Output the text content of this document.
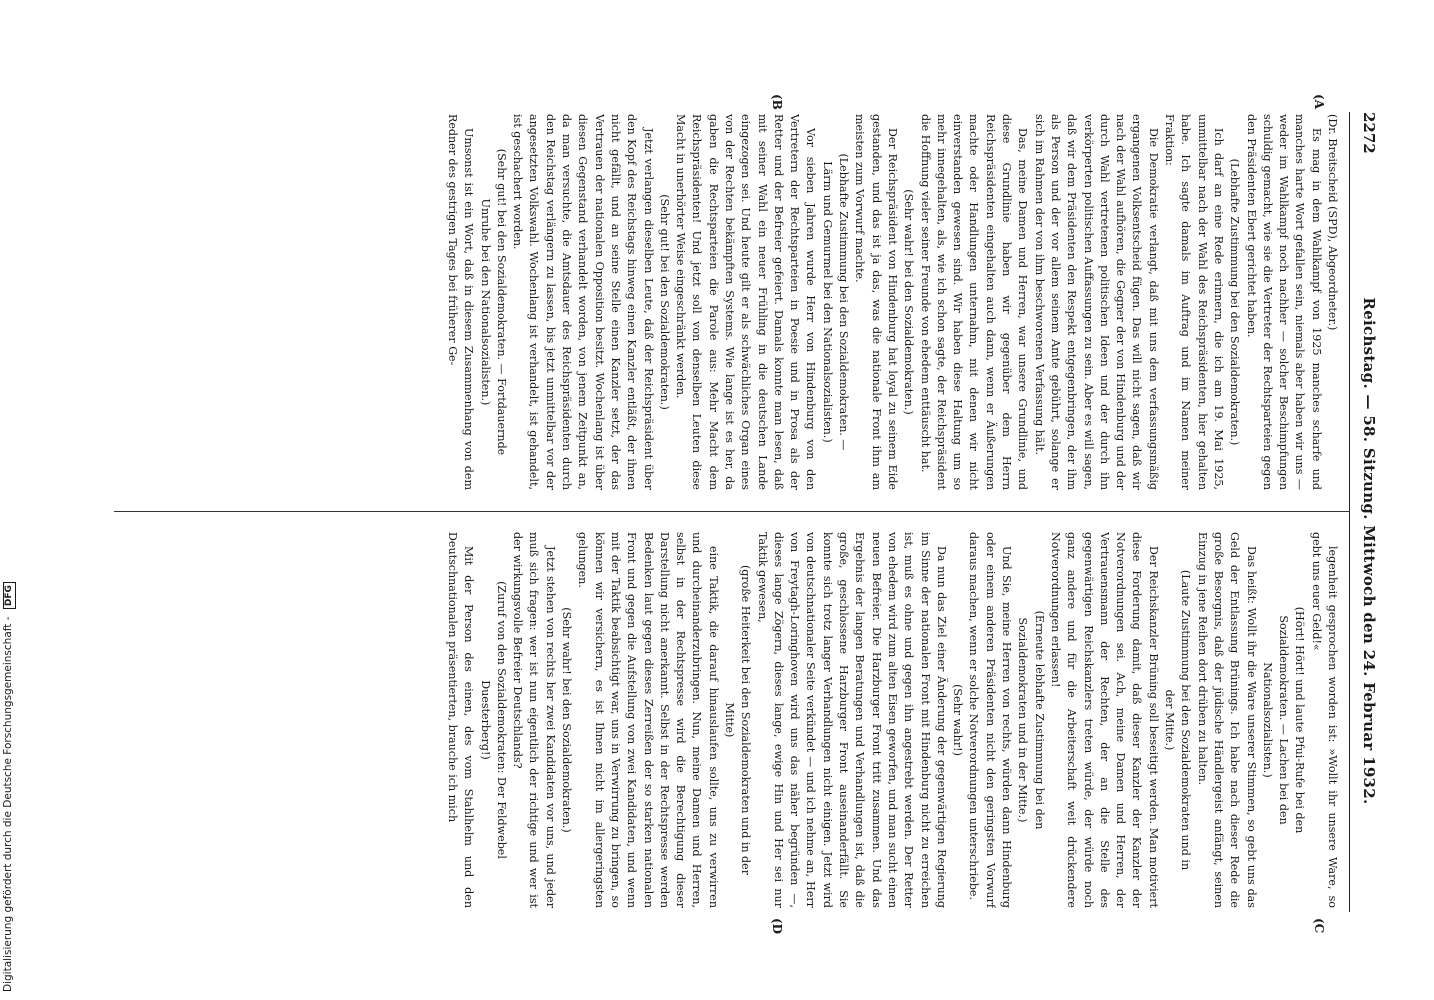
2272
Reichstag. — 58. Sitzung. Mittwoch den 24. Februar 1932.
(A
(B
(C
(D

(Dr. Breitscheid (SPD), Abgeordneter.)

Es mag in dem Wahlkampf von 1925 manches scharfe und manches harte Wort gefallen sein, niemals aber haben wir uns — weder im Wahlkampf noch nachher — solcher Beschimpfungen schuldig gemacht, wie sie die Vertreter der Rechtsparteien gegen den Präsidenten Ebert gerichtet haben.

(Lebhafte Zustimmung bei den Sozialdemokraten.)

Ich darf an eine Rede erinnern, die ich am 19. Mai 1925, unmittelbar nach der Wahl des Reichspräsidenten, hier gehalten habe. Ich sagte damals im Auftrag und im Namen meiner Fraktion:

Die Demokratie verlangt, daß mit uns dem verfassungsmäßig ergangenen Volksentscheid fügen. Das will nicht sagen, daß wir nach der Wahl aufhören, die Gegner der von Hindenburg und der durch Wahl vertretenen politischen Ideen und der durch ihn verkörperten politischen Auffassungen zu sein. Aber es will sagen, daß wir dem Präsidenten den Respekt entgegenbringen, der ihm als Person und der vor allem seinem Amte gebührt, solange er sich im Rahmen der von ihm beschworenen Verfassung hält.

Das, meine Damen und Herren, war unsere Grundlinie, und diese Grundlinie haben wir gegenüber dem Herrn Reichspräsidenten eingehalten auch dann, wenn er Äußerungen machte oder Handlungen unternahm, mit denen wir nicht einverstanden gewesen sind. Wir haben diese Haltung um so mehr innegehalten, als, wie ich schon sagte, der Reichspräsident die Hoffnung vieler seiner Freunde von ehedem enttäuscht hat.

(Sehr wahr! bei den Sozialdemokraten.)

Der Reichspräsident von Hindenburg hat loyal zu seinem Eide gestanden, und das ist ja das, was die nationale Front ihm am meisten zum Vorwurf machte.

(Lebhafte Zustimmung bei den Sozialdemokraten. — Lärm und Gemurmel bei den Nationalsozialisten.)

Vor sieben Jahren wurde Herr von Hindenburg von den Vertretern der Rechtsparteien in Poesie und in Prosa als der Retter und der Befreier gefeiert. Damals konnte man lesen, daß mit seiner Wahl ein neuer Frühling in die deutschen Lande eingezogen sei. Und heute gilt er als schwächliches Organ eines von der Rechten bekämpften Systems. Wie lange ist es her, da gaben die Rechtsparteien die Parole aus: Mehr Macht dem Reichspräsidenten! Und jetzt soll von denselben Leuten diese Macht in unerhörter Weise eingeschränkt werden.

(Sehr gut! bei den Sozialdemokraten.)

Jetzt verlangen dieselben Leute, daß der Reichspräsident über den Kopf des Reichstags hinweg einen Kanzler entläßt, der ihnen nicht gefällt, und an seine Stelle einen Kanzler setzt, der das Vertrauen der nationalen Opposition besitzt. Wochenlang ist über diesen Gegenstand verhandelt worden, von jenem Zeitpunkt an, da man versuchte, die Amtsdauer des Reichspräsidenten durch den Reichstag verlängern zu lassen, bis jetzt unmittelbar vor der angesetzten Volkswahl. Wochenlang ist verhandelt, ist gehandelt, ist geschachert worden.

(Sehr gut! bei den Sozialdemokraten. — Fortdauernde Unruhe bei den Nationalsozialisten.)

Umsonst ist ein Wort, daß in diesem Zusammenhang von dem Redner des gestrigen Tages bei früherer Ge-

legenheit gesprochen worden ist: »Wollt ihr unsere Ware, so gebt uns euer Geld!«

(Hört! Hört! und laute Pfui-Rufe bei den Sozialdemokraten. — Lachen bei den Nationalsozialisten.)

Das heißt: Wollt ihr die Ware unserer Stimmen, so gebt uns das Geld der Entlassung Brünings. Ich habe nach dieser Rede die große Besorgnis, daß der jüdische Händlergeist anfängt, seinen Einzug in jene Reihen dort drüben zu halten.

(Laute Zustimmung bei den Sozialdemokraten und in der Mitte.)

Der Reichskanzler Brüning soll beseitigt werden. Man motiviert diese Forderung damit, daß dieser Kanzler der Kanzler der Notverordnungen sei. Ach, meine Damen und Herren, der Vertrauensmann der Rechten, der an die Stelle des gegenwärtigen Reichskanzlers treten würde, der würde noch ganz andere und für die Arbeiterschaft weit drückendere Notverordnungen erlassen!

(Erneute lebhafte Zustimmung bei den Sozialdemokraten und in der Mitte.)

Und Sie, meine Herren von rechts, würden dann Hindenburg oder einem anderen Präsidenten nicht den geringsten Vorwurf daraus machen, wenn er solche Notverordnungen unterschriebe.

(Sehr wahr!)

Da nun das Ziel einer Änderung der gegenwärtigen Regierung im Sinne der nationalen Front mit Hindenburg nicht zu erreichen ist, muß es ohne und gegen ihn angestrebt werden. Der Retter von ehedem wird zum alten Eisen geworfen, und man sucht einen neuen Befreier. Die Harzburger Front tritt zusammen. Und das Ergebnis der langen Beratungen und Verhandlungen ist, daß die große, geschlossene Harzburger Front auseinanderfällt. Sie konnte sich trotz langer Verhandlungen nicht einigen. Jetzt wird von deutschnationaler Seite verkündet — und ich nehme an, Herr von Freytagh-Loringhoven wird uns das näher begründen —, dieses lange Zögern, dieses lange, ewige Hin und Her sei nur Taktik gewesen,

(große Heiterkeit bei den Sozialdemokraten und in der Mitte)

eine Taktik, die darauf hinauslaufen sollte, uns zu verwirren und durcheinanderzubringen. Nun, meine Damen und Herren, selbst in der Rechtspresse wird die Berechtigung dieser Darstellung nicht anerkannt. Selbst in der Rechtspresse werden Bedenken laut gegen dieses Zerreißen der so starken nationalen Front und gegen die Aufstellung von zwei Kandidaten, und wenn mit der Taktik beabsichtigt war, uns in Verwirrung zu bringen, so können wir versichern, es ist Ihnen nicht im allergeringsten gelungen.

(Sehr wahr! bei den Sozialdemokraten.)

Jetzt stehen von rechts her zwei Kandidaten vor uns, und jeder muß sich fragen: wer ist nun eigentlich der richtige und wer ist der wirkungsvolle Befreier Deutschlands?

(Zuruf von den Sozialdemokraten: Der Feldwebel Duesterberg!)

Mit der Person des einen, des vom Stahlhelm und den Deutschnationalen präsentierten, brauche ich mich

Digitalisierung gefördert durch die Deutsche Forschungsgemeinschaft - DFG
